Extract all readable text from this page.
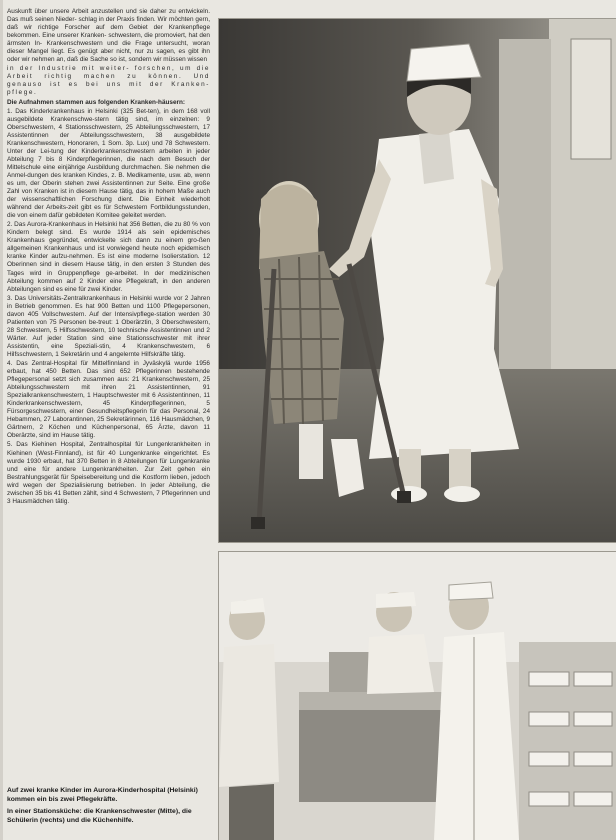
Auskunft über unsere Arbeit anzustellen und sie daher zu entwickeln. Das muß seinen Nieder- schlag in der Praxis finden. Wir möchten gern, daß wir richtige Forscher auf dem Gebiet der Krankenpflege bekommen. Eine unserer Kranken- schwestern, die promoviert, hat den ärmsten In- Krankenschwestern und die Frage untersucht, woran dieser Mangel liegt. Es genügt aber nicht, nur zu sagen, es gibt ihn oder wir nehmen an, daß die Sache so ist, sondern wir müssen wissen

in der Industrie mit weiter- forschen, um die Arbeit richtig machen zu können. Und genauso ist es bei uns mit der Kranken- pflege.

Die Aufnahmen stammen aus folgenden Kranken-häusern:

1. Das Kinderkrankenhaus in Helsinki (325 Bet-ten), in dem 168 voll ausgebildete Krankenschwe-stern tätig sind, im einzelnen: 9 Oberschwestern, 4 Stationsschwestern, 25 Abteilungsschwestern, 17 Assistentinnen der Abteilungsschwestern, 38 ausgebildete Krankenschwestern, Honoraren, 1 Som. 3p. Lux) und 78 Schwestern. Unter der Lei-tung der Kinderkrankenschwestern arbeiten in jeder Abteilung 7 bis 8 Kinderpflegerinnen, die nach dem Besuch der Mittelschule eine einjährige Ausbildung durchmachen. Sie nehmen die Anmel-dungen des kranken Kindes, z. B. Medikamente, usw. ab, wenn es um, der Oberin stehen zwei Assistentinnen zur Seite. Eine große Zahl von Kranken ist in diesem Hause tätig, das in hohem Maße auch der wissenschaftlichen Forschung dient. Die Einheit wiederholt während der Arbeits-zeit gibt es für Schwestern Fortbildungsstunden, die von einem dafür gebildeten Komitee geleitet werden.

2. Das Aurora-Krankenhaus in Helsinki hat 356 Betten, die zu 80 % von Kindern belegt sind. Es wurde 1914 als sein epidemisches Krankenhaus gegründet, entwickelte sich dann zu einem gro-ßen allgemeinen Krankenhaus und ist vorwiegend heute noch epidemisch kranke Kinder aufzu-nehmen. Es ist eine moderne Isolierstation. 12 Oberinnen sind in diesem Hause tätig, in den ersten 3 Stunden des Tages wird in Gruppenpflege ge-arbeitet. In der medizinischen Abteilung kommen auf 2 Kinder eine Pflegekraft, in den anderen Abteilungen sind es eine für zwei Kinder.

3. Das Universitäts-Zentralkrankenhaus in Helsinki wurde vor 2 Jahren in Betrieb genommen. Es hat 900 Betten und 1100 Pflegepersonen, davon 405 Vollschwestern. Auf der Intensivpflege-station werden 30 Patienten von 75 Personen be-treut: 1 Oberärztin, 3 Oberschwestern, 28 Schwestern, 5 Hilfsschwestern, 10 technische Assistentinnen und 2 Wärter. Auf jeder Station sind eine Stationsschwester mit ihrer Assistentin, eine Speziali-stin, 4 Krankenschwestern, 6 Hilfsschwestern, 1 Sekretärin und 4 angelernte Hilfskräfte tätig.

4. Das Zentral-Hospital für Mittelfinnland in Jyväskylä wurde 1956 erbaut, hat 450 Betten. Das sind 652 Pflegerinnen bestehende Pflegepersonal setzt sich zusammen aus: 21 Krankenschwestern, 25 Abteilungsschwestern mit ihren 21 Assistentinnen, 91 Spezialkrankenschwestern, 1 Hauptschwester mit 6 Assistentinnen, 11 Kinderkrankenschwestern, 45 Kinderpflegerinnen, 5 Fürsorgeschwestern, einer Gesundheitspflegerin für das Personal, 24 Hebammen, 27 Laborantinnen, 25 Sekretärinnen, 116 Hausmädchen, 9 Gärtnern, 2 Köchen und Küchenpersonal, 65 Ärzte, davon 11 Oberärzte, sind im Hause tätig.

5. Das Kiehinen Hospital, Zentralhospital für Lungenkrankheiten in Kiehinen (West-Finnland), ist für 40 Lungenkranke eingerichtet. Es wurde 1930 erbaut, hat 370 Betten in 8 Abteilungen für Lungenkranke und eine für andere Lungenkrankheiten. Zur Zeit gehen ein Bestrahlungsgerät für Speisebereitung und die Kostform lieben, jedoch wird wegen der Spezialisierung betrieben. In jeder Abteilung, die zwischen 35 bis 41 Betten zählt, sind 4 Schwestern, 7 Pflegerinnen und 3 Hausmädchen tätig.

Auf zwei kranke Kinder im Aurora-Kinderhospital (Helsinki) kommen ein bis zwei Pflegekräfte.

In einer Stationsküche: die Krankenschwester (Mitte), die Schülerin (rechts) und die Küchenhilfe.
